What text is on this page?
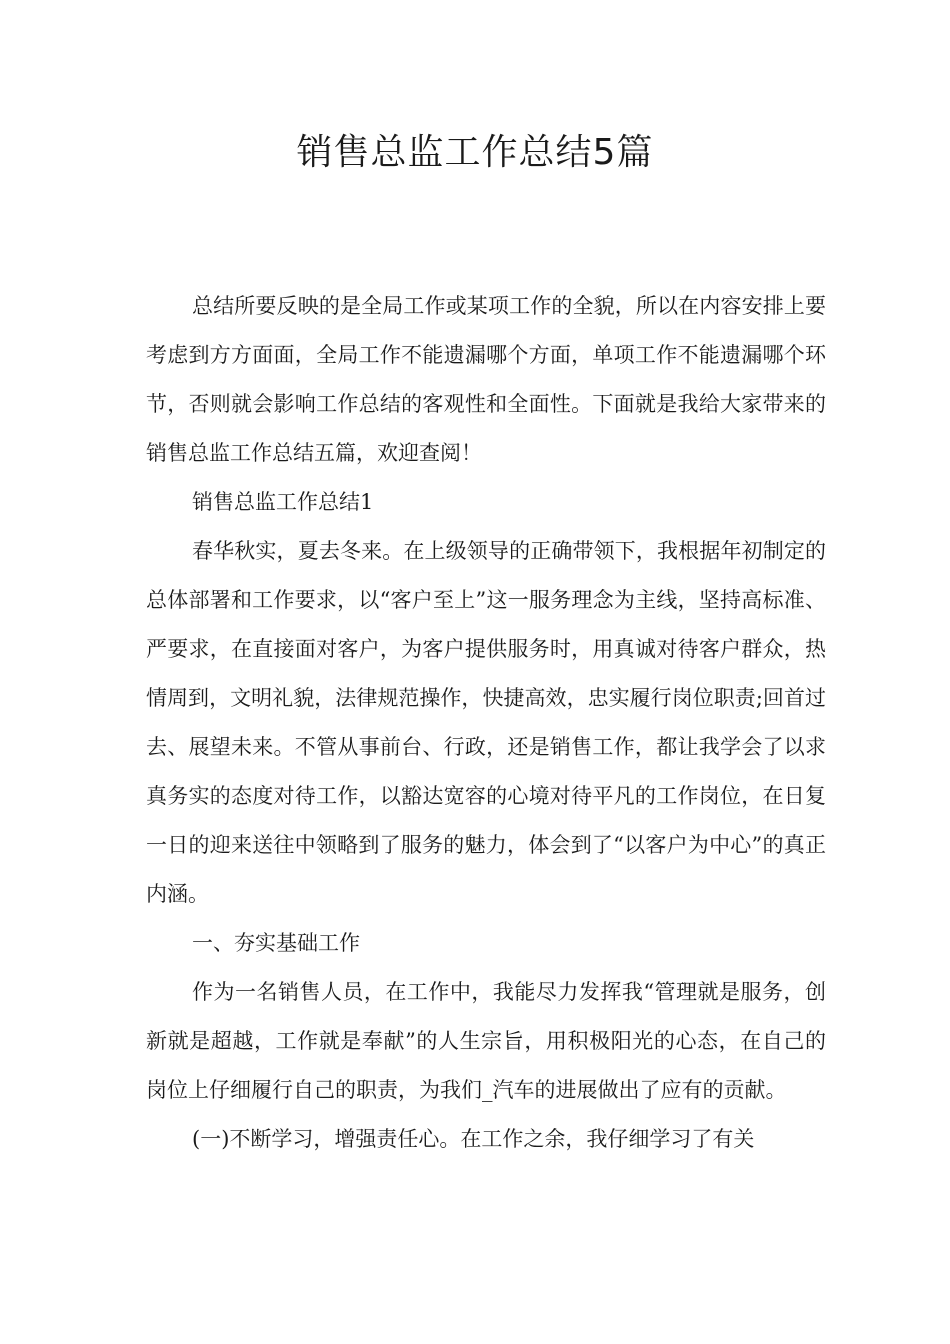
销售总监工作总结5篇

总结所要反映的是全局工作或某项工作的全貌，所以在内容安排上要考虑到方方面面，全局工作不能遗漏哪个方面，单项工作不能遗漏哪个环节，否则就会影响工作总结的客观性和全面性。下面就是我给大家带来的销售总监工作总结五篇，欢迎查阅！

销售总监工作总结1

春华秋实，夏去冬来。在上级领导的正确带领下，我根据年初制定的总体部署和工作要求，以“客户至上”这一服务理念为主线，坚持高标准、严要求，在直接面对客户，为客户提供服务时，用真诚对待客户群众，热情周到，文明礼貌，法律规范操作，快捷高效，忠实履行岗位职责;回首过去、展望未来。不管从事前台、行政，还是销售工作，都让我学会了以求真务实的态度对待工作，以豁达宽容的心境对待平凡的工作岗位，在日复一日的迎来送往中领略到了服务的魅力，体会到了“以客户为中心”的真正内涵。

一、夯实基础工作

作为一名销售人员，在工作中，我能尽力发挥我“管理就是服务，创新就是超越，工作就是奉献”的人生宗旨，用积极阳光的心态，在自己的岗位上仔细履行自己的职责，为我们_汽车的进展做出了应有的贡献。

(一)不断学习，增强责任心。在工作之余，我仔细学习了有关
